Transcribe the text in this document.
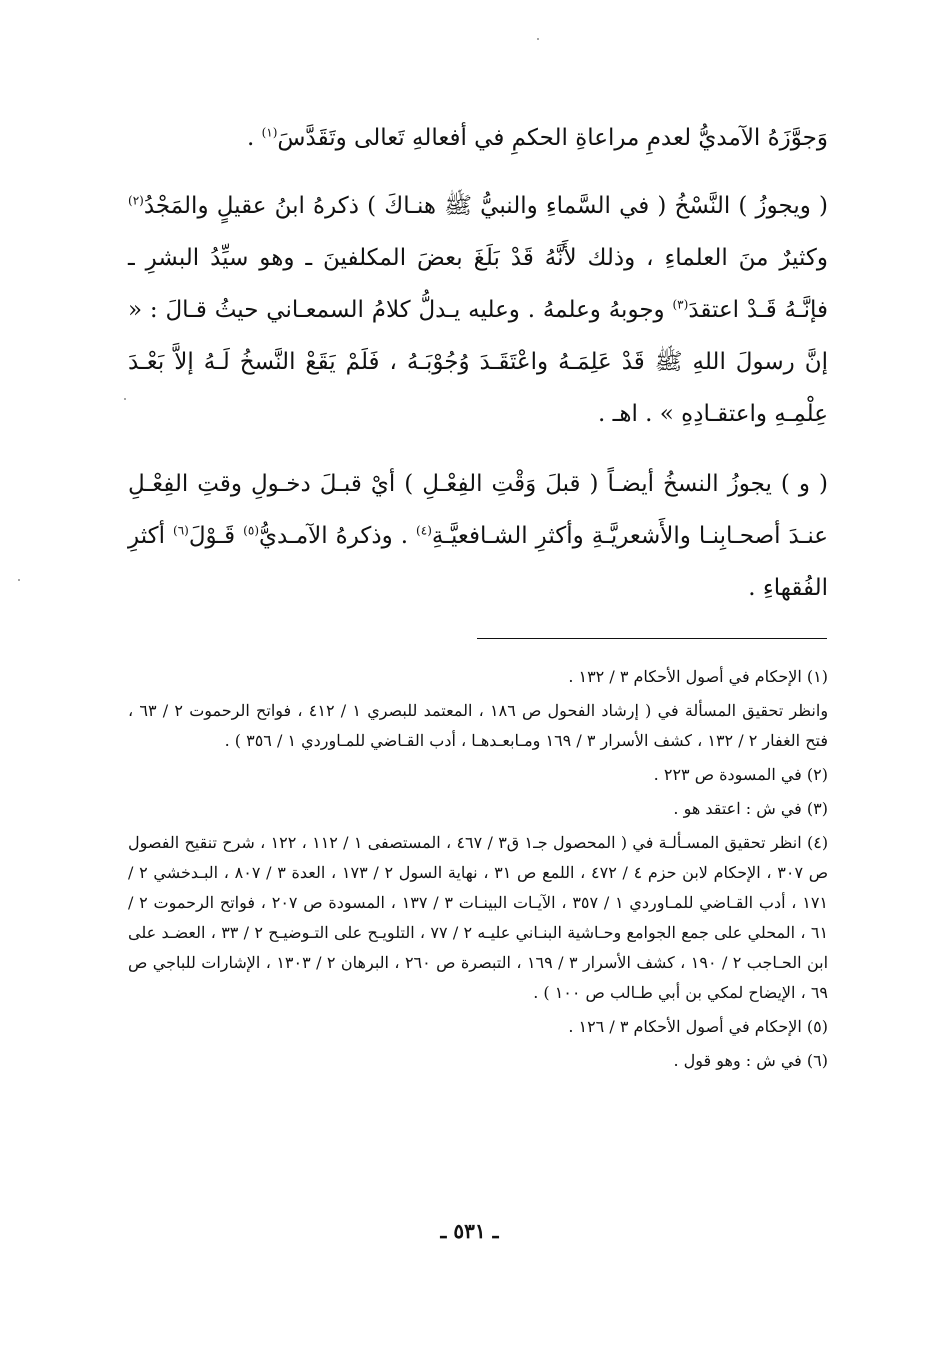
وَجوَّزَهُ الآمديُّ لعدمِ مراعاةِ الحكمِ في أفعالهِ تَعالى وتَقَدَّسَ$^{(١)}$ .

( ويجوزُ ) النَّسْخُ ( في السَّماءِ والنبيُّ ﷺ هنـاكَ ) ذكرهُ ابنُ عقيلٍ والمَجْدُ$^{(٢)}$ وكثيرٌ منَ العلماءِ ، وذلك لأَنَّهُ قَدْ بَلَغَ بعضَ المكلفينَ ـ وهو سيِّدُ البشرِ ـ فإنَّـهُ قَـدْ اعتقدَ$^{(٣)}$ وجوبهُ وعلمهُ . وعليه يـدلُّ كلامُ السمعـاني حيثُ قـالَ : « إنَّ رسولَ اللهِ ﷺ قَدْ عَلِمَـهُ واعْتَقَـدَ وُجُوْبَـهُ ، فَلَمْ يَقَعْ النَّسخُ لَـهُ إلاَّ بَعْـدَ عِلْمِـهِ واعتقـادِهِ » . اهـ .

( و ) يجوزُ النسخُ أيضـاً ( قبلَ وَقْتِ الفِعْـلِ ) أيْ قبـلَ دخـولِ وقتِ الفِعْـلِ عنـدَ أصحـابِنـا والأَشعريَّـةِ وأكثرِ الشـافعيَّـةِ$^{(٤)}$ . وذكرهُ الآمـديُّ$^{(٥)}$ قَـوْلَ$^{(٦)}$ أكثرِ الفُقهاءِ .

(١) الإحكام في أصول الأحكام ٣ / ١٣٢ .

وانظر تحقيق المسألة في ( إرشاد الفحول ص ١٨٦ ، المعتمد للبصري ١ / ٤١٢ ، فواتح الرحموت ٢ / ٦٣ ، فتح الغفار ٢ / ١٣٢ ، كشف الأسرار ٣ / ١٦٩ ومـابعـدهـا ، أدب القـاضي للمـاوردي ١ / ٣٥٦ ) .

(٢) في المسودة ص ٢٢٣ .

(٣) في ش : اعتقد هو .

(٤) انظر تحقيق المسـألـة في ( المحصول جـ١ ق٣ / ٤٦٧ ، المستصفى ١ / ١١٢ ، ١٢٢ ، شرح تنقيح الفصول ص ٣٠٧ ، الإحكام لابن حزم ٤ / ٤٧٢ ، اللمع ص ٣١ ، نهاية السول ٢ / ١٧٣ ، العدة ٣ / ٨٠٧ ، البـدخشي ٢ / ١٧١ ، أدب القـاضي للمـاوردي ١ / ٣٥٧ ، الآيـات البينـات ٣ / ١٣٧ ، المسودة ص ٢٠٧ ، فواتح الرحموت ٢ / ٦١ ، المحلي على جمع الجوامع وحـاشية البنـاني عليـه ٢ / ٧٧ ، التلويـح على التـوضيـح ٢ / ٣٣ ، العضـد على ابن الحـاجب ٢ / ١٩٠ ، كشف الأسرار ٣ / ١٦٩ ، التبصرة ص ٢٦٠ ، البرهان ٢ / ١٣٠٣ ، الإشارات للباجي ص ٦٩ ، الإيضاح لمكي بن أبي طـالب ص ١٠٠ ) .

(٥) الإحكام في أصول الأحكام ٣ / ١٢٦ .

(٦) في ش : وهو قول .

ـ ٥٣١ ـ
